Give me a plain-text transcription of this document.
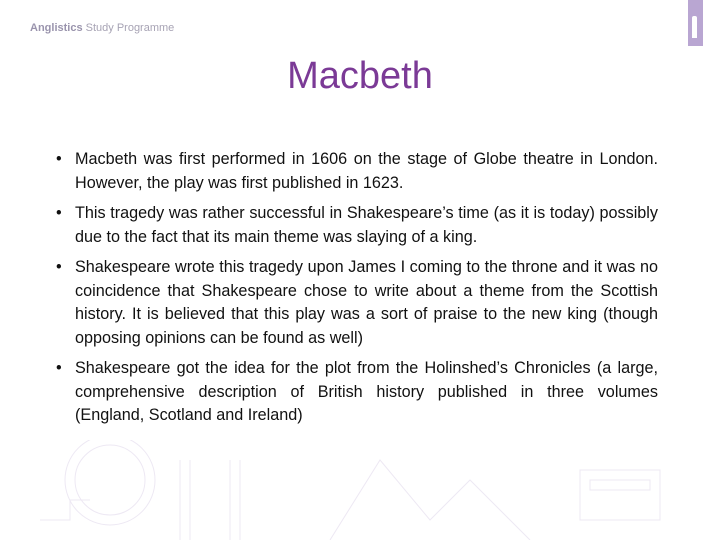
Anglistics Study Programme
Macbeth
• Macbeth was first performed in 1606 on the stage of Globe theatre in London. However, the play was first published in 1623.
• This tragedy was rather successful in Shakespeare’s time (as it is today) possibly due to the fact that its main theme was slaying of a king.
• Shakespeare wrote this tragedy upon James I coming to the throne and it was no coincidence that Shakespeare chose to write about a theme from the Scottish history. It is believed that this play was a sort of praise to the new king (though opposing opinions can be found as well)
• Shakespeare got the idea for the plot from the Holinshed’s Chronicles (a large, comprehensive description of British history published in three volumes (England, Scotland and Ireland)
